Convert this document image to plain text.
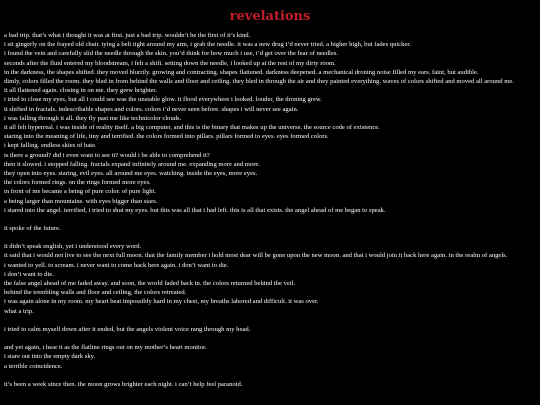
revelations
a bad trip. that’s what i thought it was at first. just a bad trip. wouldn’t be the first of it’s kind.
i sit gingerly on the frayed old chair. tying a belt tight around my arm, i grab the needle. it was a new drug i’d never tried. a higher high, but fades quicker.
i found the vein and carefully slid the needle through the skin. you’d think for how much i use, i’d get over the fear of needles.
seconds after the fluid entered my bloodstream, i felt a shift. setting down the needle, i looked up at the rest of my dirty room.
in the darkness, the shapes shifted. they moved blurrily. growing and contracting. shapes flattened. darkness deepened. a mechanical droning noise filled my ears. faint, but audible.
dimly, colors filled the room. they bled in from behind the walls and floor and ceiling. they bled in through the air and they painted everything. waves of colors shifted and moved all around me.
it all flattened again. closing in on me. they grew brighter.
i tried to close my eyes, but all i could see was the unstable glow. it flood everywhere i looked. louder, the droning grew.
it shifted in fractals. indescribable shapes and colors. colors i’d never seen before. shapes i will never see again.
i was falling through it all. they fly past me like technicolor clouds.
it all felt hyperreal. i was inside of reality itself. a big computer, and this is the binary that makes up the universe. the source code of existence.
staring into the meaning of life, tiny and terrified. the colors formed into pillars. pillars formed to eyes. eyes formed colors.
i kept falling. endless skies of hate.
is there a ground? did i even want to see it? would i be able to comprehend it?
then it slowed. i stopped falling. fractals expand infinitely around me. expanding more and more.
they open into eyes. staring, evil eyes. all around me eyes. watching. inside the eyes, more eyes.
the colors formed rings. on the rings formed more eyes.
in front of me became a being of pure color. of pure light.
a being larger than mountains. with eyes bigger than stars.
i stared into the angel. terrified, i tried to shut my eyes. but this was all that i had left. this is all that exists. the angel ahead of me began to speak.
it spoke of the future.
it didn’t speak english, yet i understood every word.
it said that i would not live to see the next full moon. that the family member i hold most dear will be gone upon the new moon. and that i would join it back here again. in the realm of angels.
i wanted to yell. to scream. i never want to come back here again. i don’t want to die.
i don’t want to die.
the false angel ahead of me faded away. and soon, the world faded back in. the colors returned behind the veil.
behind the trembling walls and floor and ceiling, the colors retreated.
i was again alone in my room. my heart beat impossibly hard in my chest, my breaths labored and difficult. it was over.
what a trip.
i tried to calm myself down after it ended, but the angels violent voice rang through my head.
and yet again, i hear it as the flatline rings out on my mother’s heart monitor.
i stare out into the empty dark sky.
a terrible coincidence.
it’s been a week since then. the moon grows brighter each night. i can’t help feel paranoid.
